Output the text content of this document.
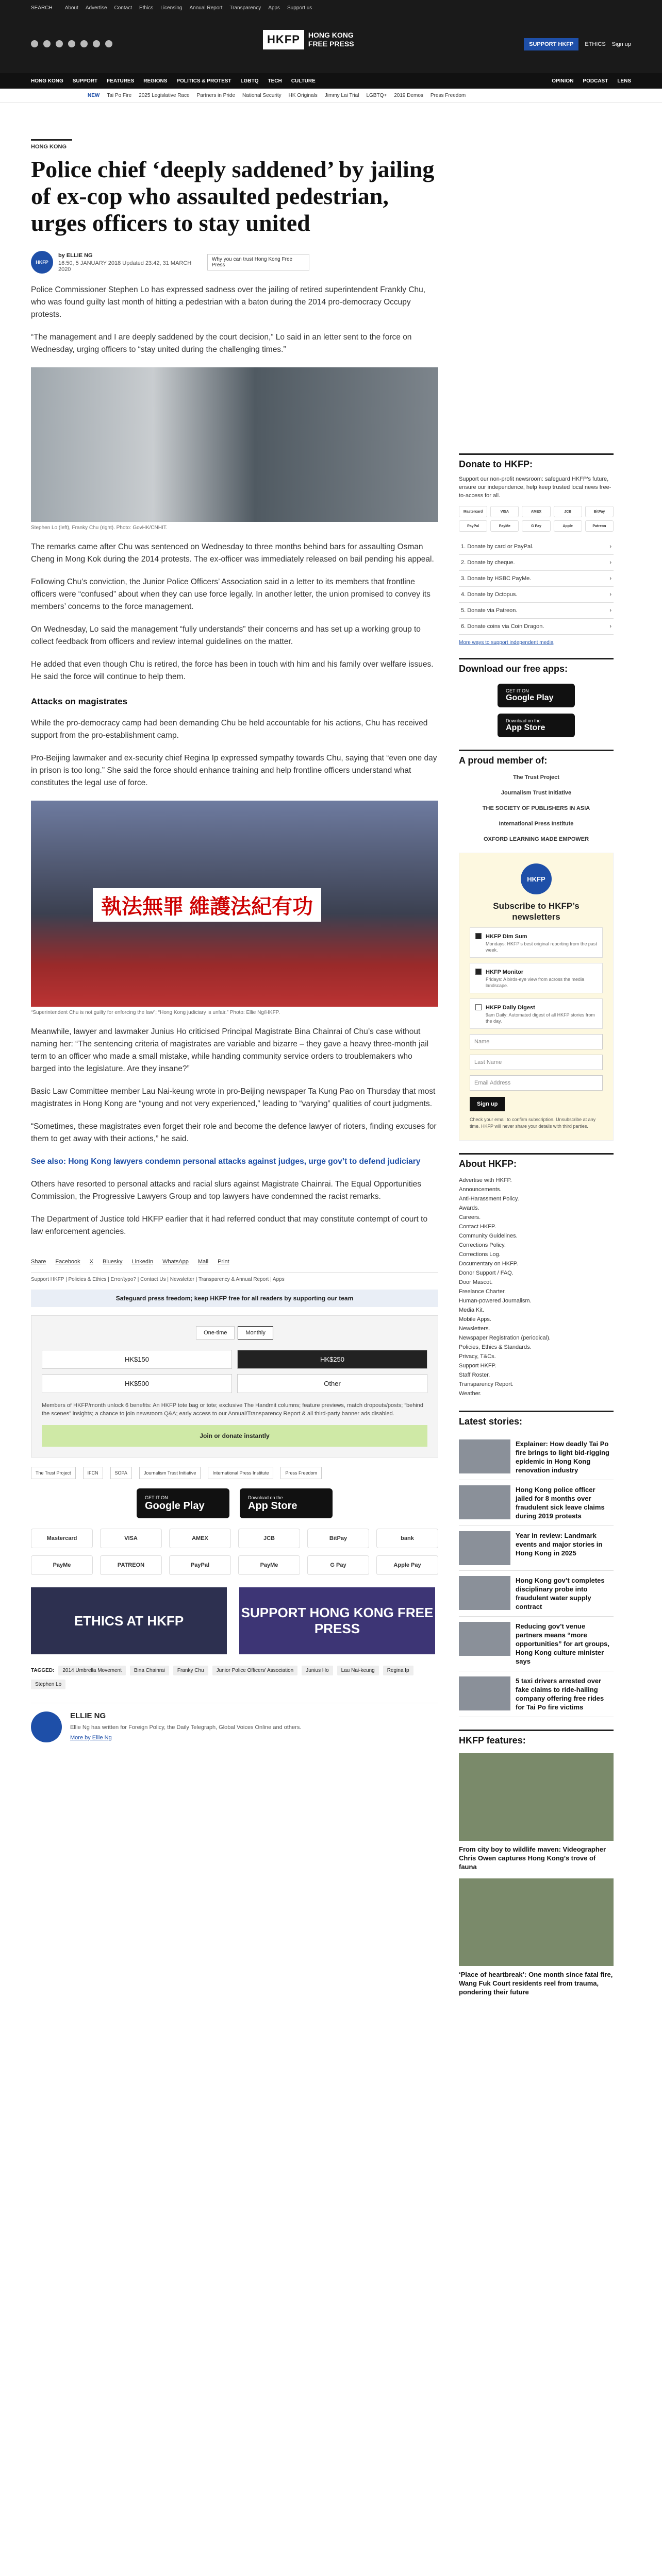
SEARCH About Advertise Contact Ethics Licensing Annual Report Transparency Apps Support us
HKFP	HONG KONG
FREE PRESS	SUPPORT HKFP	ETHICS Sign up
HONG KONG SUPPORT FEATURES REGIONS POLITICS & PROTEST LGBTQ TECH CULTURE	OPINION PODCAST LENS
NEW Tai Po Fire 2025 Legislative Race Partners in Pride National Security HK Originals Jimmy Lai Trial LGBTQ+ 2019 Demos Press Freedom
HONG KONG
Police chief ‘deeply saddened’ by jailing of ex-cop who assaulted pedestrian, urges officers to stay united
HKFP
by ELLIE NG
16:50, 5 JANUARY 2018 Updated 23:42, 31 MARCH 2020
Why you can trust Hong Kong Free Press

Police Commissioner Stephen Lo has expressed sadness over the jailing of retired superintendent Frankly Chu, who was found guilty last month of hitting a pedestrian with a baton during the 2014 pro-democracy Occupy protests.

“The management and I are deeply saddened by the court decision,” Lo said in an letter sent to the force on Wednesday, urging officers to “stay united during the challenging times.”

Stephen Lo (left), Franky Chu (right). Photo: GovHK/CNHIT.

The remarks came after Chu was sentenced on Wednesday to three months behind bars for assaulting Osman Cheng in Mong Kok during the 2014 protests. The ex-officer was immediately released on bail pending his appeal.

Following Chu’s conviction, the Junior Police Officers’ Association said in a letter to its members that frontline officers were “confused” about when they can use force legally. In another letter, the union promised to convey its members’ concerns to the force management.

On Wednesday, Lo said the management “fully understands” their concerns and has set up a working group to collect feedback from officers and review internal guidelines on the matter.

He added that even though Chu is retired, the force has been in touch with him and his family over welfare issues. He said the force will continue to help them.

Attacks on magistrates

While the pro-democracy camp had been demanding Chu be held accountable for his actions, Chu has received support from the pro-establishment camp.

Pro-Beijing lawmaker and ex-security chief Regina Ip expressed sympathy towards Chu, saying that “even one day in prison is too long.” She said the force should enhance training and help frontline officers understand what constitutes the legal use of force.

執法無罪 維護法紀有功
“Superintendent Chu is not guilty for enforcing the law”; “Hong Kong judiciary is unfair.” Photo: Ellie Ng/HKFP.

Meanwhile, lawyer and lawmaker Junius Ho criticised Principal Magistrate Bina Chainrai of Chu’s case without naming her: “The sentencing criteria of magistrates are variable and bizarre – they gave a heavy three-month jail term to an officer who made a small mistake, while handing community service orders to troublemakers who barged into the legislature. Are they insane?”

Basic Law Committee member Lau Nai-keung wrote in pro-Beijing newspaper Ta Kung Pao on Thursday that most magistrates in Hong Kong are “young and not very experienced,” leading to “varying” qualities of court judgments.

“Sometimes, these magistrates even forget their role and become the defence lawyer of rioters, finding excuses for them to get away with their actions,” he said.

See also: Hong Kong lawyers condemn personal attacks against judges, urge gov’t to defend judiciary

Others have resorted to personal attacks and racial slurs against Magistrate Chainrai. The Equal Opportunities Commission, the Progressive Lawyers Group and top lawyers have condemned the racist remarks.

The Department of Justice told HKFP earlier that it had referred conduct that may constitute contempt of court to law enforcement agencies.

Share Facebook X Bluesky LinkedIn WhatsApp Mail Print
Support HKFP | Policies & Ethics | Error/typo? | Contact Us | Newsletter | Transparency & Annual Report | Apps
Safeguard press freedom; keep HKFP free for all readers by supporting our team
One-time	Monthly
HK$150	HK$250
HK$500	Other
Members of HKFP/month unlock 6 benefits: An HKFP tote bag or tote; exclusive The Handmit columns; feature previews, match dropouts/posts; “behind the scenes” insights; a chance to join newsroom Q&A; early access to our Annual/Transparency Report & all third-party banner ads disabled.
Join or donate instantly
The Trust Project	IFCN	SOPA	Journalism Trust Initiative	International Press Institute	Press Freedom
GET IT ON
Google Play
Download on the
App Store
Mastercard	VISA	AMEX	JCB	BitPay	bank
PayMe	PATREON	PayPal	PayMe	G Pay	Apple Pay
ETHICS AT HKFP
SUPPORT HONG KONG FREE PRESS
TAGGED:	2014 Umbrella Movement	Bina Chainrai	Franky Chu	Junior Police Officers' Association	Junius Ho	Lau Nai-keung	Regina Ip
Stephen Lo
ELLIE NG

Ellie Ng has written for Foreign Policy, the Daily Telegraph, Global Voices Online and others.

More by Ellie Ng
Donate to HKFP:
Support our non-profit newsroom: safeguard HKFP’s future, ensure our independence, help keep trusted local news free-to-access for all.
Mastercard	VISA	AMEX	JCB	BitPay
PayPal	PayMe	G Pay	Apple	Patreon
1. Donate by card or PayPal.	›
2. Donate by cheque.	›
3. Donate by HSBC PayMe.	›
4. Donate by Octopus.	›
5. Donate via Patreon.	›
6. Donate coins via Coin Dragon.	›
More ways to support independent media
Download our free apps:
GET IT ON
Google Play
Download on the
App Store
A proud member of:
The Trust Project
Journalism Trust Initiative
THE SOCIETY OF PUBLISHERS IN ASIA
International Press Institute
OXFORD LEARNING MADE EMPOWER
HKFP
Subscribe to HKFP’s newsletters
HKFP Dim Sum

Mondays: HKFP’s best original reporting from the past week.

HKFP Monitor

Fridays: A birds-eye view from across the media landscape.

HKFP Daily Digest

9am Daily: Automated digest of all HKFP stories from the day.

Name
Last Name
Email Address
Sign up
Check your email to confirm subscription. Unsubscribe at any time. HKFP will never share your details with third parties.
About HKFP:
Advertise with HKFP.
Announcements.
Anti-Harassment Policy.
Awards.
Careers.
Contact HKFP.
Community Guidelines.
Corrections Policy.
Corrections Log.
Documentary on HKFP.
Donor Support / FAQ.
Door Mascot.
Freelance Charter.
Human-powered Journalism.
Media Kit.
Mobile Apps.
Newsletters.
Newspaper Registration (periodical).
Policies, Ethics & Standards.
Privacy, T&Cs.
Support HKFP.
Staff Roster.
Transparency Report.
Weather.
Latest stories:
Explainer: How deadly Tai Po fire brings to light bid-rigging epidemic in Hong Kong renovation industry
Hong Kong police officer jailed for 8 months over fraudulent sick leave claims during 2019 protests
Year in review: Landmark events and major stories in Hong Kong in 2025
Hong Kong gov’t completes disciplinary probe into fraudulent water supply contract
Reducing gov’t venue partners means “more opportunities” for art groups, Hong Kong culture minister says
5 taxi drivers arrested over fake claims to ride-hailing company offering free rides for Tai Po fire victims
HKFP features:
From city boy to wildlife maven: Videographer Chris Owen captures Hong Kong’s trove of fauna
‘Place of heartbreak’: One month since fatal fire, Wang Fuk Court residents reel from trauma, pondering their future
